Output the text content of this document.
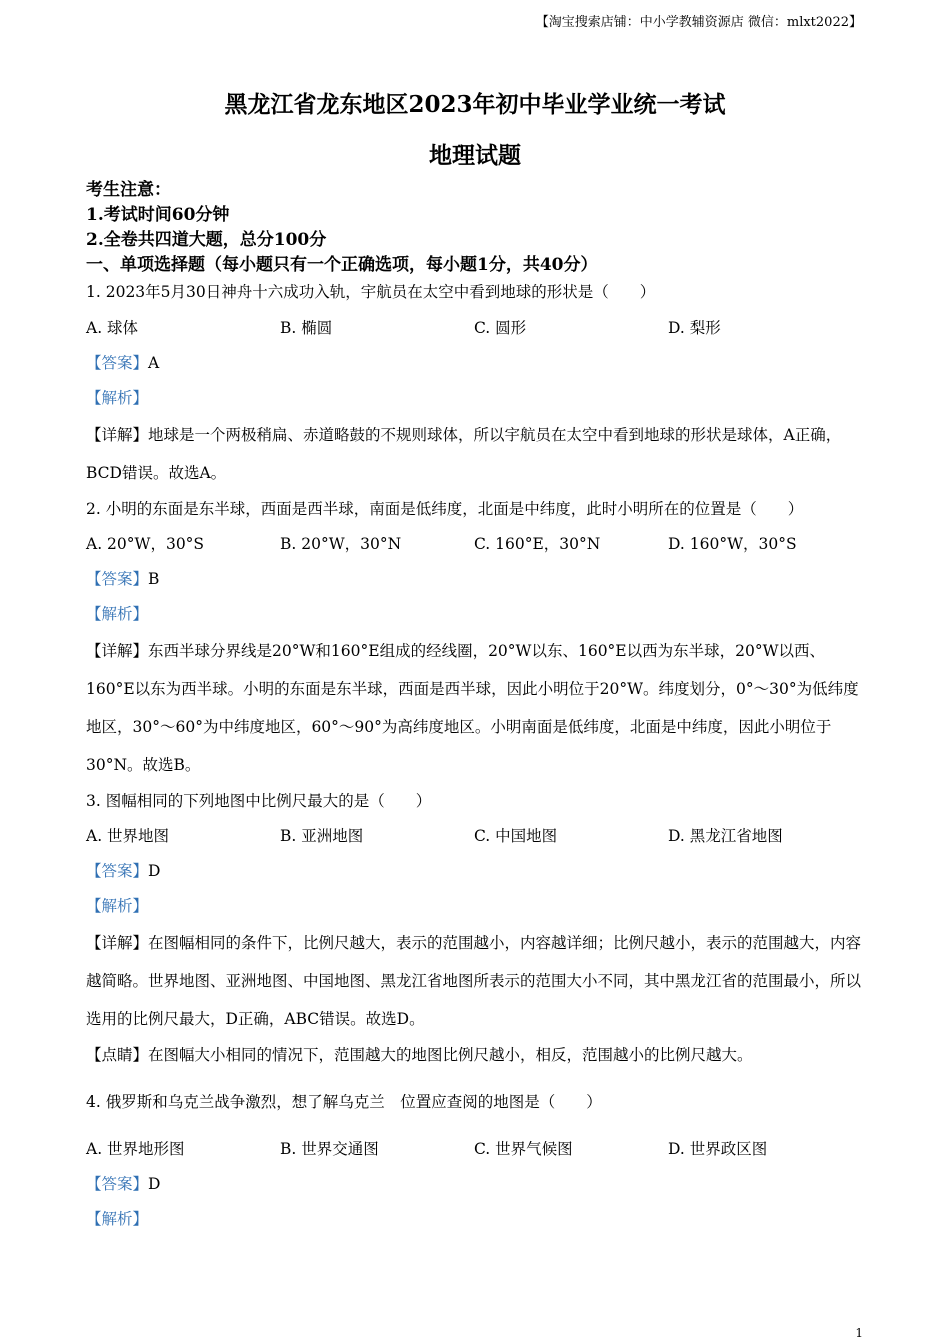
【淘宝搜索店铺：中小学教辅资源店 微信：mlxt2022】
黑龙江省龙东地区2023年初中毕业学业统一考试
地理试题
考生注意：
1.考试时间60分钟
2.全卷共四道大题，总分100分
一、单项选择题（每小题只有一个正确选项，每小题1分，共40分）
1. 2023年5月30日神舟十六成功入轨，宇航员在太空中看到地球的形状是（　　）
A. 球体	B. 椭圆	C. 圆形	D. 梨形
【答案】A
【解析】
【详解】地球是一个两极稍扁、赤道略鼓的不规则球体，所以宇航员在太空中看到地球的形状是球体，A正确，BCD错误。故选A。
2. 小明的东面是东半球，西面是西半球，南面是低纬度，北面是中纬度，此时小明所在的位置是（　　）
A. 20°W，30°S	B. 20°W，30°N	C. 160°E，30°N	D. 160°W，30°S
【答案】B
【解析】
【详解】东西半球分界线是20°W和160°E组成的经线圈，20°W以东、160°E以西为东半球，20°W以西、160°E以东为西半球。小明的东面是东半球，西面是西半球，因此小明位于20°W。纬度划分，0°～30°为低纬度地区，30°～60°为中纬度地区，60°～90°为高纬度地区。小明南面是低纬度，北面是中纬度，因此小明位于30°N。故选B。
3. 图幅相同的下列地图中比例尺最大的是（　　）
A. 世界地图	B. 亚洲地图	C. 中国地图	D. 黑龙江省地图
【答案】D
【解析】
【详解】在图幅相同的条件下，比例尺越大，表示的范围越小，内容越详细；比例尺越小，表示的范围越大，内容越简略。世界地图、亚洲地图、中国地图、黑龙江省地图所表示的范围大小不同，其中黑龙江省的范围最小，所以选用的比例尺最大，D正确，ABC错误。故选D。
【点睛】在图幅大小相同的情况下，范围越大的地图比例尺越小，相反，范围越小的比例尺越大。
4. 俄罗斯和乌克兰战争激烈，想了解乌克兰　位置应查阅的地图是（　　）
A. 世界地形图	B. 世界交通图	C. 世界气候图	D. 世界政区图
【答案】D
【解析】
1
